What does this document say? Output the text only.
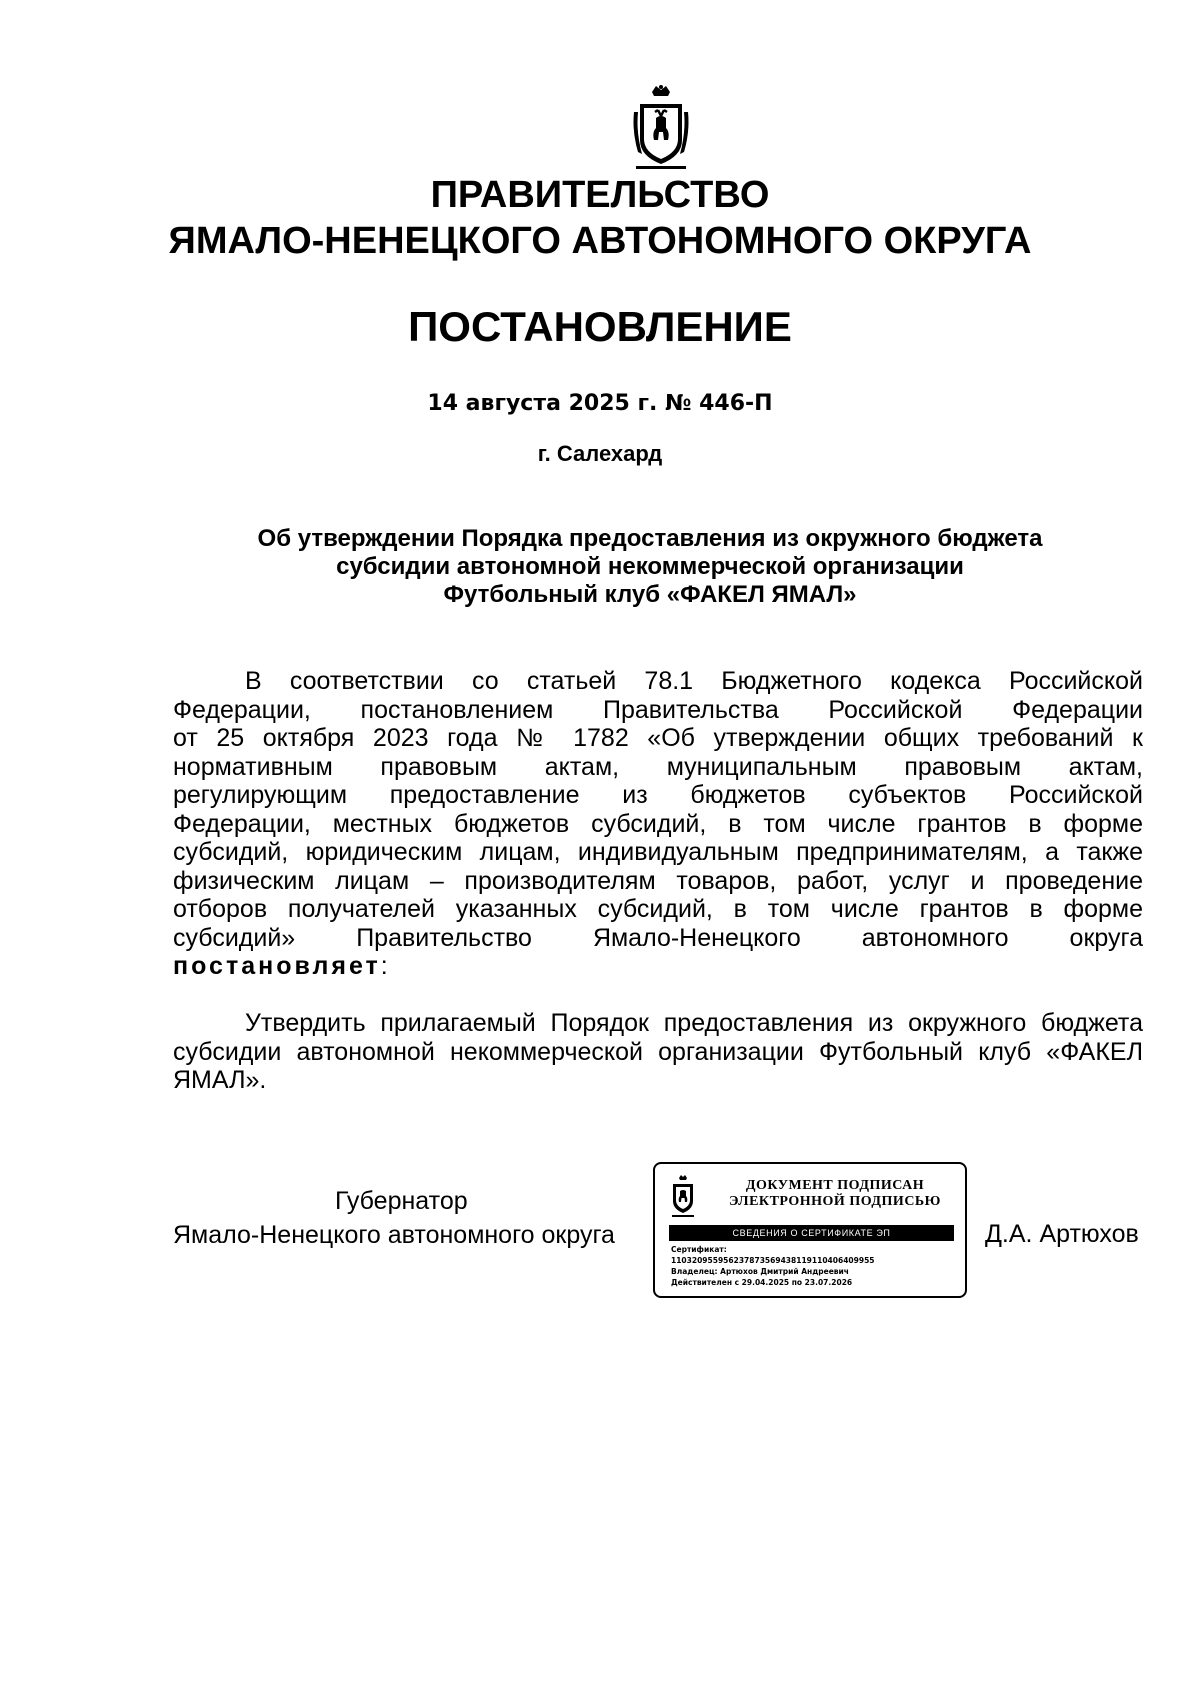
ПРАВИТЕЛЬСТВО
ЯМАЛО-НЕНЕЦКОГО АВТОНОМНОГО ОКРУГА
ПОСТАНОВЛЕНИЕ
14 августа 2025 г. № 446-П
г. Салехард
Об утверждении Порядка предоставления из окружного бюджета
субсидии автономной некоммерческой организации
Футбольный клуб «ФАКЕЛ ЯМАЛ»
В соответствии со статьей 78.1 Бюджетного кодекса Российской
Федерации, постановлением Правительства Российской Федерации
от 25 октября 2023 года № 1782 «Об утверждении общих требований к
нормативным правовым актам, муниципальным правовым актам,
регулирующим предоставление из бюджетов субъектов Российской
Федерации, местных бюджетов субсидий, в том числе грантов в форме
субсидий, юридическим лицам, индивидуальным предпринимателям, а также
физическим лицам – производителям товаров, работ, услуг и проведение
отборов получателей указанных субсидий, в том числе грантов в форме
субсидий» Правительство Ямало-Ненецкого автономного округа
постановляет:
Утвердить прилагаемый Порядок предоставления из окружного бюджета
субсидии автономной некоммерческой организации Футбольный клуб «ФАКЕЛ
ЯМАЛ».
Губернатор
Ямало-Ненецкого автономного округа
ДОКУМЕНТ ПОДПИСАН
ЭЛЕКТРОННОЙ ПОДПИСЬЮ
СВЕДЕНИЯ О СЕРТИФИКАТЕ ЭП
Сертификат:
110320955956237873569438119110406409955
Владелец: Артюхов Дмитрий Андреевич
Действителен с 29.04.2025 по 23.07.2026
Д.А. Артюхов
